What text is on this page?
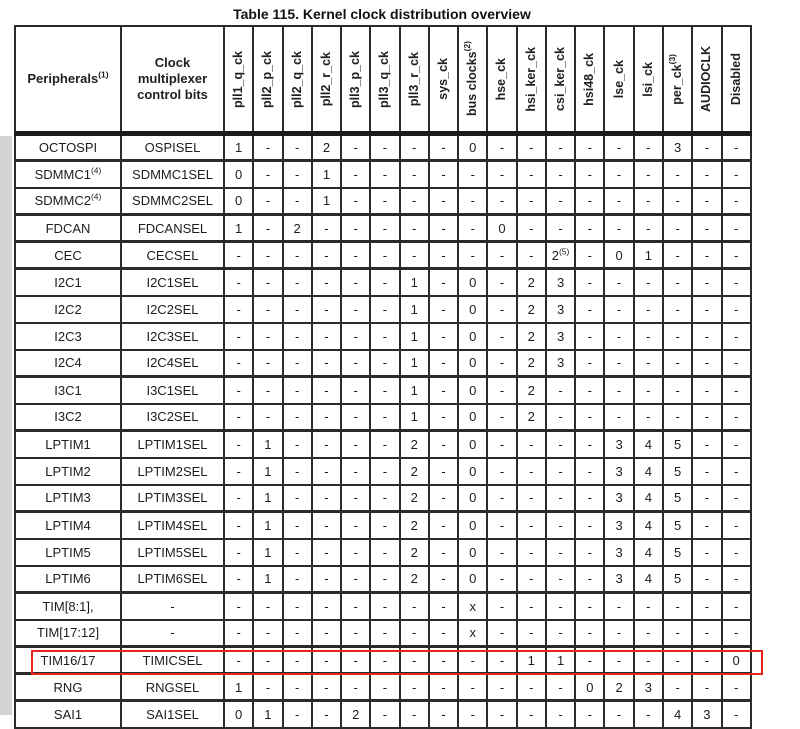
Table 115. Kernel clock distribution overview
Peripherals$^{(1)}$	Clock multiplexer control bits	pll1_q_ck	pll2_p_ck	pll2_q_ck	pll2_r_ck	pll3_p_ck	pll3_q_ck	pll3_r_ck	sys_ck	bus clocks$^{(2)}$	hse_ck	hsi_ker_ck	csi_ker_ck	hsi48_ck	lse_ck	lsi_ck	$per\_ck^{(3)}$	AUDIOCLK	Disabled

OCTOSPI	OSPISEL	1	-	-	2	-	-	-	-	0	-	-	-	-	-	-	3	-	-
SDMMC1$^{(4)}$	SDMMC1SEL	0	-	-	1	-	-	-	-	-	-	-	-	-	-	-	-	-	-
SDMMC2$^{(4)}$	SDMMC2SEL	0	-	-	1	-	-	-	-	-	-	-	-	-	-	-	-	-	-
FDCAN	FDCANSEL	1	-	2	-	-	-	-	-	-	0	-	-	-	-	-	-	-	-
CEC	CECSEL	-	-	-	-	-	-	-	-	-	-	-	2$^{(5)}$	-	0	1	-	-	-
I2C1	I2C1SEL	-	-	-	-	-	-	1	-	0	-	2	3	-	-	-	-	-	-
I2C2	I2C2SEL	-	-	-	-	-	-	1	-	0	-	2	3	-	-	-	-	-	-
I2C3	I2C3SEL	-	-	-	-	-	-	1	-	0	-	2	3	-	-	-	-	-	-
I2C4	I2C4SEL	-	-	-	-	-	-	1	-	0	-	2	3	-	-	-	-	-	-
I3C1	I3C1SEL	-	-	-	-	-	-	1	-	0	-	2	-	-	-	-	-	-	-
I3C2	I3C2SEL	-	-	-	-	-	-	1	-	0	-	2	-	-	-	-	-	-	-
LPTIM1	LPTIM1SEL	-	1	-	-	-	-	2	-	0	-	-	-	-	3	4	5	-	-
LPTIM2	LPTIM2SEL	-	1	-	-	-	-	2	-	0	-	-	-	-	3	4	5	-	-
LPTIM3	LPTIM3SEL	-	1	-	-	-	-	2	-	0	-	-	-	-	3	4	5	-	-
LPTIM4	LPTIM4SEL	-	1	-	-	-	-	2	-	0	-	-	-	-	3	4	5	-	-
LPTIM5	LPTIM5SEL	-	1	-	-	-	-	2	-	0	-	-	-	-	3	4	5	-	-
LPTIM6	LPTIM6SEL	-	1	-	-	-	-	2	-	0	-	-	-	-	3	4	5	-	-
TIM[8:1],	-	-	-	-	-	-	-	-	-	x	-	-	-	-	-	-	-	-	-
TIM[17:12]	-	-	-	-	-	-	-	-	-	x	-	-	-	-	-	-	-	-	-
TIM16/17	TIMICSEL	-	-	-	-	-	-	-	-	-	-	1	1	-	-	-	-	-	0
RNG	RNGSEL	1	-	-	-	-	-	-	-	-	-	-	-	0	2	3	-	-	-
SAI1	SAI1SEL	0	1	-	-	2	-	-	-	-	-	-	-	-	-	-	4	3	-
